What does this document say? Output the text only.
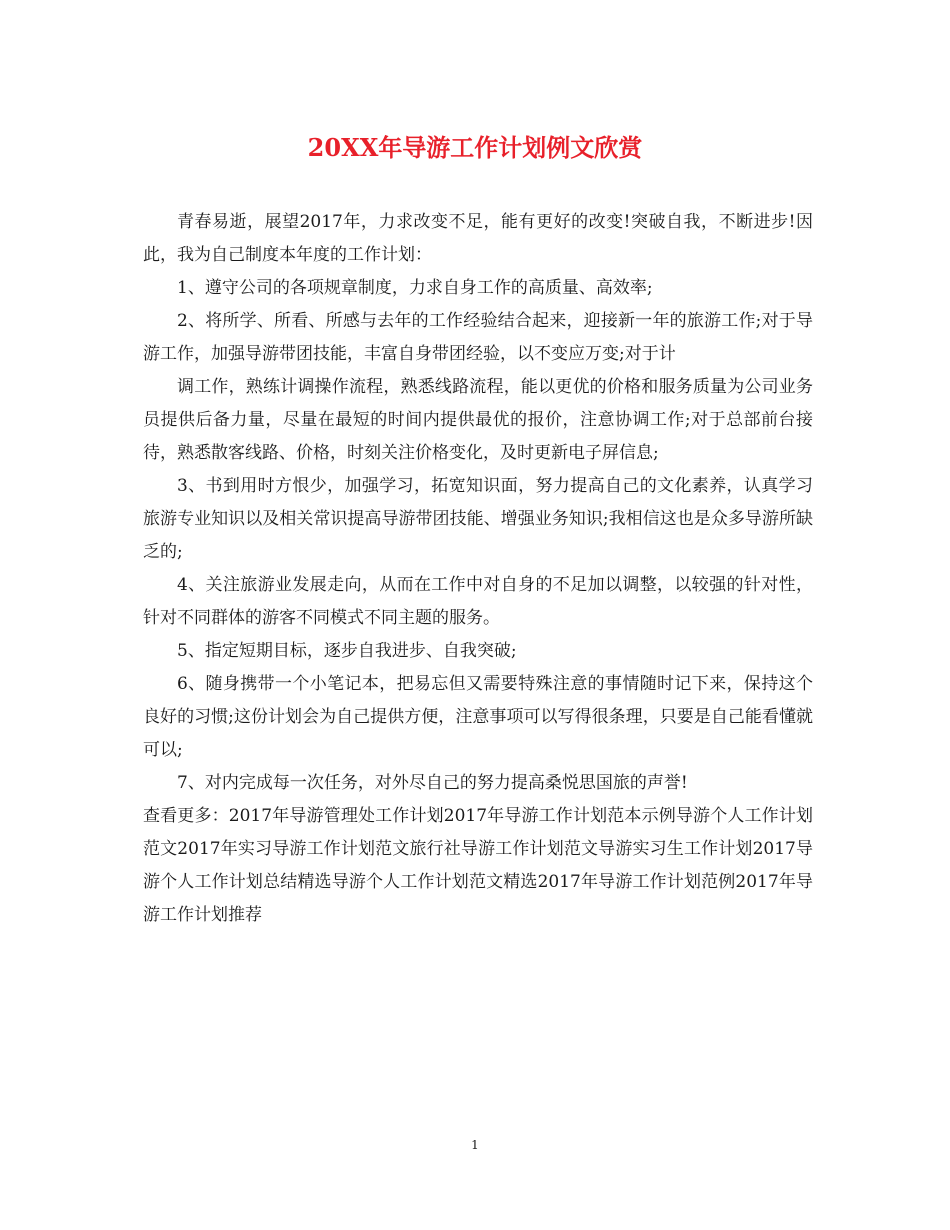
20XX年导游工作计划例文欣赏

青春易逝，展望2017年，力求改变不足，能有更好的改变!突破自我，不断进步!因此，我为自己制度本年度的工作计划：

1、遵守公司的各项规章制度，力求自身工作的高质量、高效率;

2、将所学、所看、所感与去年的工作经验结合起来，迎接新一年的旅游工作;对于导游工作，加强导游带团技能，丰富自身带团经验，以不变应万变;对于计

调工作，熟练计调操作流程，熟悉线路流程，能以更优的价格和服务质量为公司业务员提供后备力量，尽量在最短的时间内提供最优的报价，注意协调工作;对于总部前台接待，熟悉散客线路、价格，时刻关注价格变化，及时更新电子屏信息;

3、书到用时方恨少，加强学习，拓宽知识面，努力提高自己的文化素养，认真学习旅游专业知识以及相关常识提高导游带团技能、增强业务知识;我相信这也是众多导游所缺乏的;

4、关注旅游业发展走向，从而在工作中对自身的不足加以调整，以较强的针对性，针对不同群体的游客不同模式不同主题的服务。

5、指定短期目标，逐步自我进步、自我突破;

6、随身携带一个小笔记本，把易忘但又需要特殊注意的事情随时记下来，保持这个良好的习惯;这份计划会为自己提供方便，注意事项可以写得很条理，只要是自己能看懂就可以;

7、对内完成每一次任务，对外尽自己的努力提高桑悦思国旅的声誉!

查看更多：2017年导游管理处工作计划2017年导游工作计划范本示例导游个人工作计划范文2017年实习导游工作计划范文旅行社导游工作计划范文导游实习生工作计划2017导游个人工作计划总结精选导游个人工作计划范文精选2017年导游工作计划范例2017年导游工作计划推荐

1
